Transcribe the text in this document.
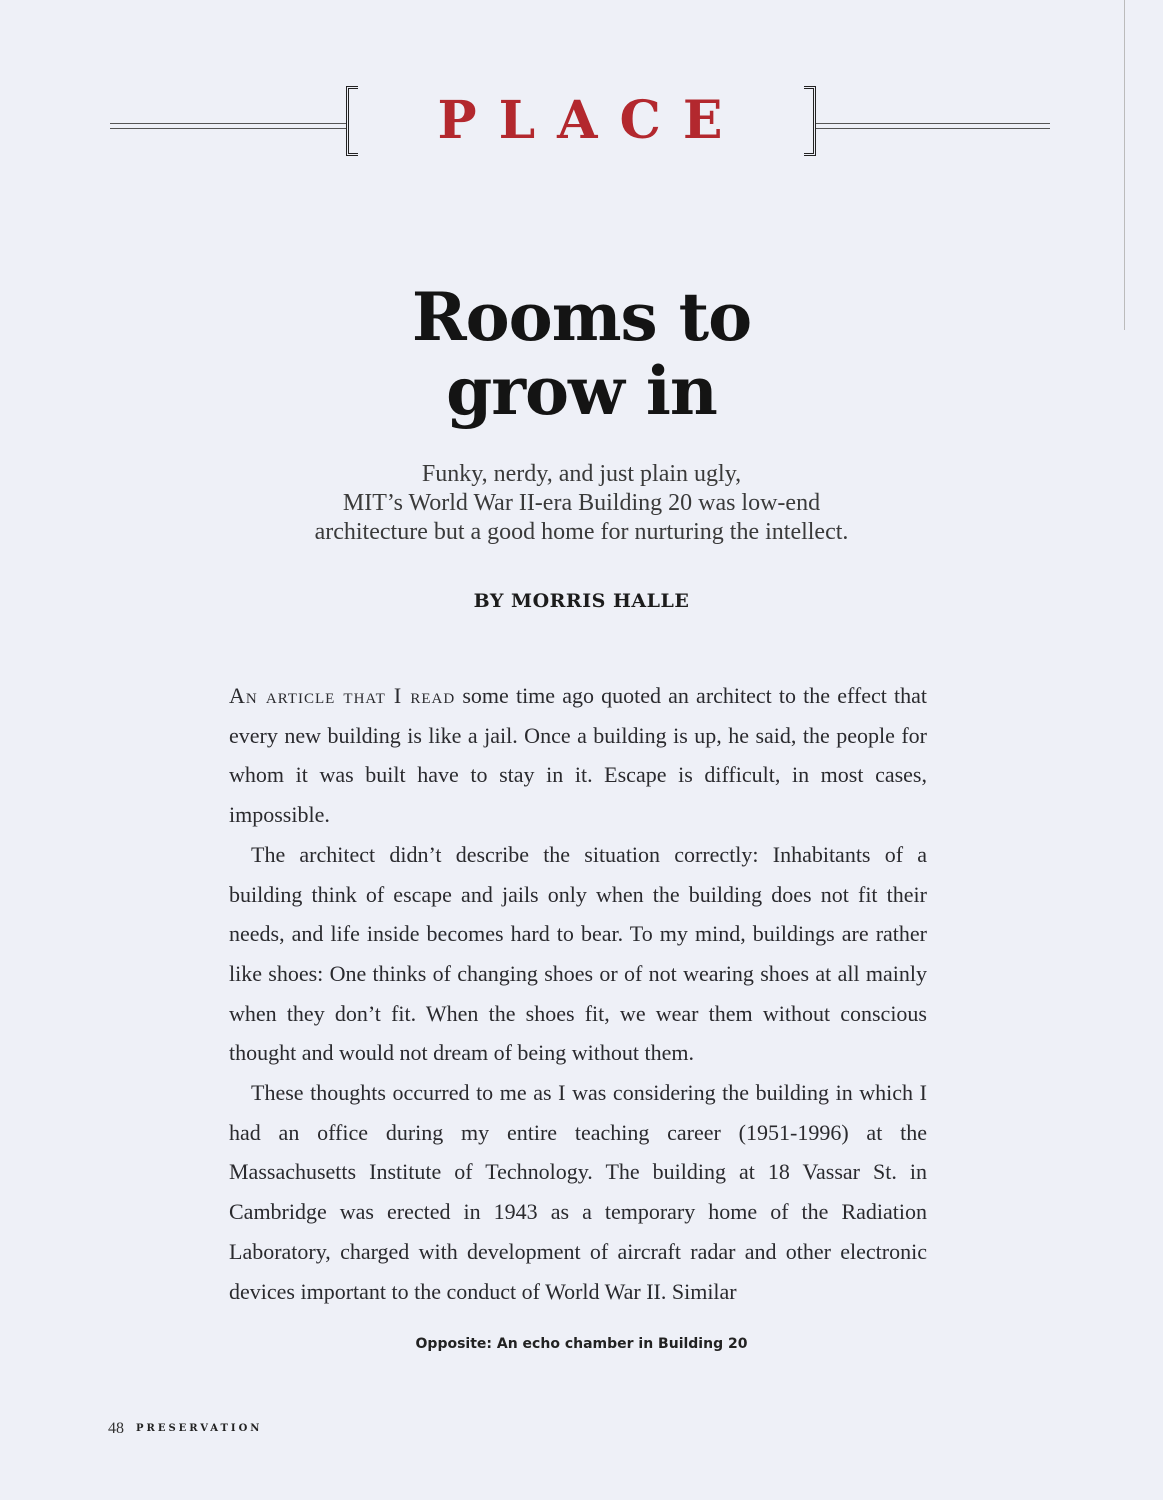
PLACE
Rooms to
grow in
Funky, nerdy, and just plain ugly,
MIT’s World War II-era Building 20 was low-end
architecture but a good home for nurturing the intellect.
BY MORRIS HALLE

An article that I read some time ago quoted an architect to the effect that every new building is like a jail. Once a building is up, he said, the people for whom it was built have to stay in it. Escape is difficult, in most cases, impossible.

The architect didn’t describe the situation correctly: Inhabitants of a building think of escape and jails only when the building does not fit their needs, and life inside becomes hard to bear. To my mind, buildings are rather like shoes: One thinks of changing shoes or of not wearing shoes at all mainly when they don’t fit. When the shoes fit, we wear them without conscious thought and would not dream of being without them.

These thoughts occurred to me as I was considering the building in which I had an office during my entire teaching career (1951-1996) at the Massachusetts Institute of Technology. The building at 18 Vassar St. in Cambridge was erected in 1943 as a temporary home of the Radiation Laboratory, charged with development of aircraft radar and other electronic devices important to the conduct of World War II. Similar

Opposite: An echo chamber in Building 20
48 PRESERVATION
